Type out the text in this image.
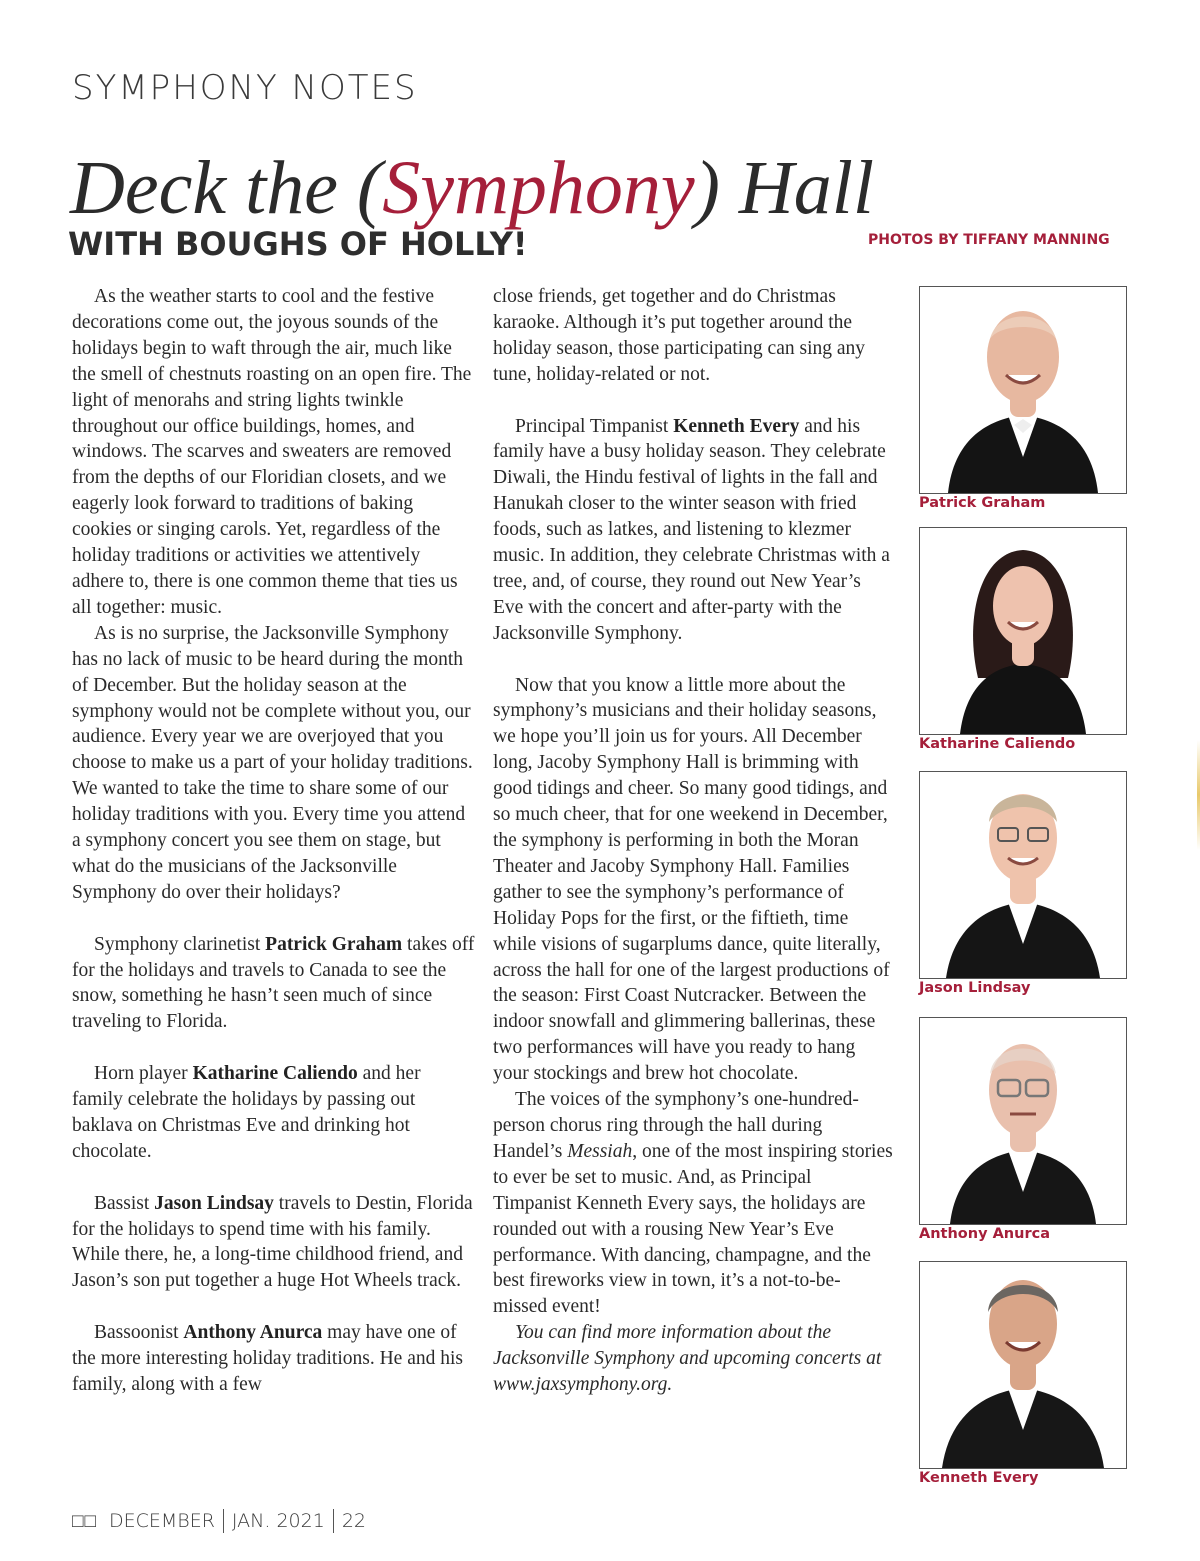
SYMPHONY NOTES
Deck the (Symphony) Hall
WITH BOUGHS OF HOLLY!	PHOTOS BY TIFFANY MANNING

As the weather starts to cool and the festive decorations come out, the joyous sounds of the holidays begin to waft through the air, much like the smell of chestnuts roasting on an open fire. The light of menorahs and string lights twinkle throughout our office buildings, homes, and windows. The scarves and sweaters are removed from the depths of our Floridian closets, and we eagerly look forward to traditions of baking cookies or singing carols. Yet, regardless of the holiday traditions or activities we attentively adhere to, there is one common theme that ties us all together: music.

As is no surprise, the Jacksonville Symphony has no lack of music to be heard during the month of December. But the holiday season at the symphony would not be complete without you, our audience. Every year we are overjoyed that you choose to make us a part of your holiday traditions. We wanted to take the time to share some of our holiday traditions with you. Every time you attend a symphony concert you see them on stage, but what do the musicians of the Jacksonville Symphony do over their holidays?

Symphony clarinetist Patrick Graham takes off for the holidays and travels to Canada to see the snow, something he hasn’t seen much of since traveling to Florida.

Horn player Katharine Caliendo and her family celebrate the holidays by passing out baklava on Christmas Eve and drinking hot chocolate.

Bassist Jason Lindsay travels to Destin, Florida for the holidays to spend time with his family. While there, he, a long-time childhood friend, and Jason’s son put together a huge Hot Wheels track.

Bassoonist Anthony Anurca may have one of the more interesting holiday traditions. He and his family, along with a few

close friends, get together and do Christmas karaoke. Although it’s put together around the holiday season, those participating can sing any tune, holiday-related or not.

Principal Timpanist Kenneth Every and his family have a busy holiday season. They celebrate Diwali, the Hindu festival of lights in the fall and Hanukah closer to the winter season with fried foods, such as latkes, and listening to klezmer music. In addition, they celebrate Christmas with a tree, and, of course, they round out New Year’s Eve with the concert and after-party with the Jacksonville Symphony.

Now that you know a little more about the symphony’s musicians and their holiday seasons, we hope you’ll join us for yours. All December long, Jacoby Symphony Hall is brimming with good tidings and cheer. So many good tidings, and so much cheer, that for one weekend in December, the symphony is performing in both the Moran Theater and Jacoby Symphony Hall. Families gather to see the symphony’s performance of Holiday Pops for the first, or the fiftieth, time while visions of sugarplums dance, quite literally, across the hall for one of the largest productions of the season: First Coast Nutcracker. Between the indoor snowfall and glimmering ballerinas, these two performances will have you ready to hang your stockings and brew hot chocolate.

The voices of the symphony’s one-hundred-person chorus ring through the hall during Handel’s Messiah, one of the most inspiring stories to ever be set to music. And, as Principal Timpanist Kenneth Every says, the holidays are rounded out with a rousing New Year’s Eve performance. With dancing, champagne, and the best fireworks view in town, it’s a not-to-be-missed event!

You can find more information about the Jacksonville Symphony and upcoming concerts at www.jaxsymphony.org.

Patrick Graham
Katharine Caliendo
Jason Lindsay
Anthony Anurca
Kenneth Every
□□ DECEMBER JAN. 2021 22
